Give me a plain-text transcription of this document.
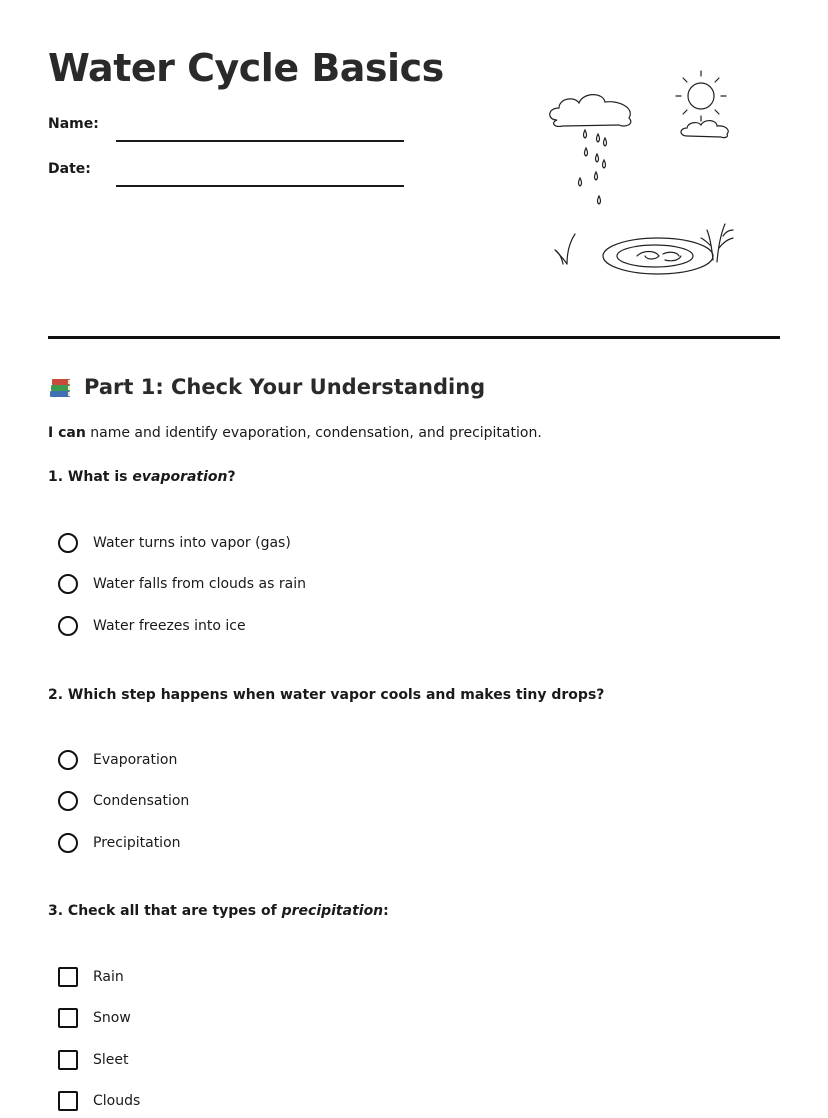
Water Cycle Basics
Name:
Date:
Part 1: Check Your Understanding
I can name and identify evaporation, condensation, and precipitation.
1. What is evaporation?
Water turns into vapor (gas)
Water falls from clouds as rain
Water freezes into ice
2. Which step happens when water vapor cools and makes tiny drops?
Evaporation
Condensation
Precipitation
3. Check all that are types of precipitation:
Rain
Snow
Sleet
Clouds
